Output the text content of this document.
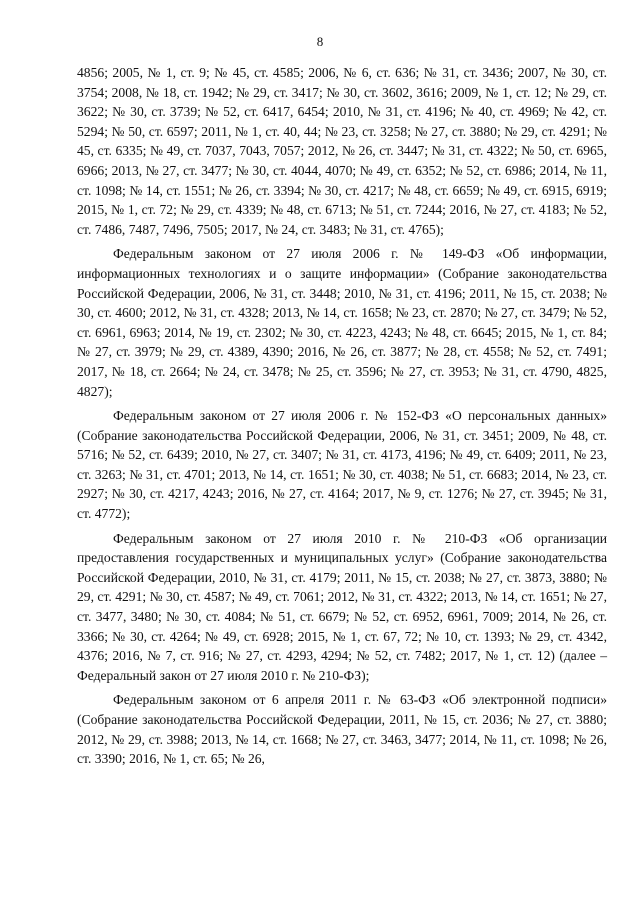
8

4856; 2005, № 1, ст. 9; № 45, ст. 4585; 2006, № 6, ст. 636; № 31, ст. 3436; 2007, № 30, ст. 3754; 2008, № 18, ст. 1942; № 29, ст. 3417; № 30, ст. 3602, 3616; 2009, № 1, ст. 12; № 29, ст. 3622; № 30, ст. 3739; № 52, ст. 6417, 6454; 2010, № 31, ст. 4196; № 40, ст. 4969; № 42, ст. 5294; № 50, ст. 6597; 2011, № 1, ст. 40, 44; № 23, ст. 3258; № 27, ст. 3880; № 29, ст. 4291; № 45, ст. 6335; № 49, ст. 7037, 7043, 7057; 2012, № 26, ст. 3447; № 31, ст. 4322; № 50, ст. 6965, 6966; 2013, № 27, ст. 3477; № 30, ст. 4044, 4070; № 49, ст. 6352; № 52, ст. 6986; 2014, № 11, ст. 1098; № 14, ст. 1551; № 26, ст. 3394; № 30, ст. 4217; № 48, ст. 6659; № 49, ст. 6915, 6919; 2015, № 1, ст. 72; № 29, ст. 4339; № 48, ст. 6713; № 51, ст. 7244; 2016, № 27, ст. 4183; № 52, ст. 7486, 7487, 7496, 7505; 2017, № 24, ст. 3483; № 31, ст. 4765);

Федеральным законом от 27 июля 2006 г. № 149-ФЗ «Об информации, информационных технологиях и о защите информации» (Собрание законодательства Российской Федерации, 2006, № 31, ст. 3448; 2010, № 31, ст. 4196; 2011, № 15, ст. 2038; № 30, ст. 4600; 2012, № 31, ст. 4328; 2013, № 14, ст. 1658; № 23, ст. 2870; № 27, ст. 3479; № 52, ст. 6961, 6963; 2014, № 19, ст. 2302; № 30, ст. 4223, 4243; № 48, ст. 6645; 2015, № 1, ст. 84; № 27, ст. 3979; № 29, ст. 4389, 4390; 2016, № 26, ст. 3877; № 28, ст. 4558; № 52, ст. 7491; 2017, № 18, ст. 2664; № 24, ст. 3478; № 25, ст. 3596; № 27, ст. 3953; № 31, ст. 4790, 4825, 4827);

Федеральным законом от 27 июля 2006 г. № 152-ФЗ «О персональных данных» (Собрание законодательства Российской Федерации, 2006, № 31, ст. 3451; 2009, № 48, ст. 5716; № 52, ст. 6439; 2010, № 27, ст. 3407; № 31, ст. 4173, 4196; № 49, ст. 6409; 2011, № 23, ст. 3263; № 31, ст. 4701; 2013, № 14, ст. 1651; № 30, ст. 4038; № 51, ст. 6683; 2014, № 23, ст. 2927; № 30, ст. 4217, 4243; 2016, № 27, ст. 4164; 2017, № 9, ст. 1276; № 27, ст. 3945; № 31, ст. 4772);

Федеральным законом от 27 июля 2010 г. № 210-ФЗ «Об организации предоставления государственных и муниципальных услуг» (Собрание законодательства Российской Федерации, 2010, № 31, ст. 4179; 2011, № 15, ст. 2038; № 27, ст. 3873, 3880; № 29, ст. 4291; № 30, ст. 4587; № 49, ст. 7061; 2012, № 31, ст. 4322; 2013, № 14, ст. 1651; № 27, ст. 3477, 3480; № 30, ст. 4084; № 51, ст. 6679; № 52, ст. 6952, 6961, 7009; 2014, № 26, ст. 3366; № 30, ст. 4264; № 49, ст. 6928; 2015, № 1, ст. 67, 72; № 10, ст. 1393; № 29, ст. 4342, 4376; 2016, № 7, ст. 916; № 27, ст. 4293, 4294; № 52, ст. 7482; 2017, № 1, ст. 12) (далее – Федеральный закон от 27 июля 2010 г. № 210-ФЗ);

Федеральным законом от 6 апреля 2011 г. № 63-ФЗ «Об электронной подписи» (Собрание законодательства Российской Федерации, 2011, № 15, ст. 2036; № 27, ст. 3880; 2012, № 29, ст. 3988; 2013, № 14, ст. 1668; № 27, ст. 3463, 3477; 2014, № 11, ст. 1098; № 26, ст. 3390; 2016, № 1, ст. 65; № 26,
